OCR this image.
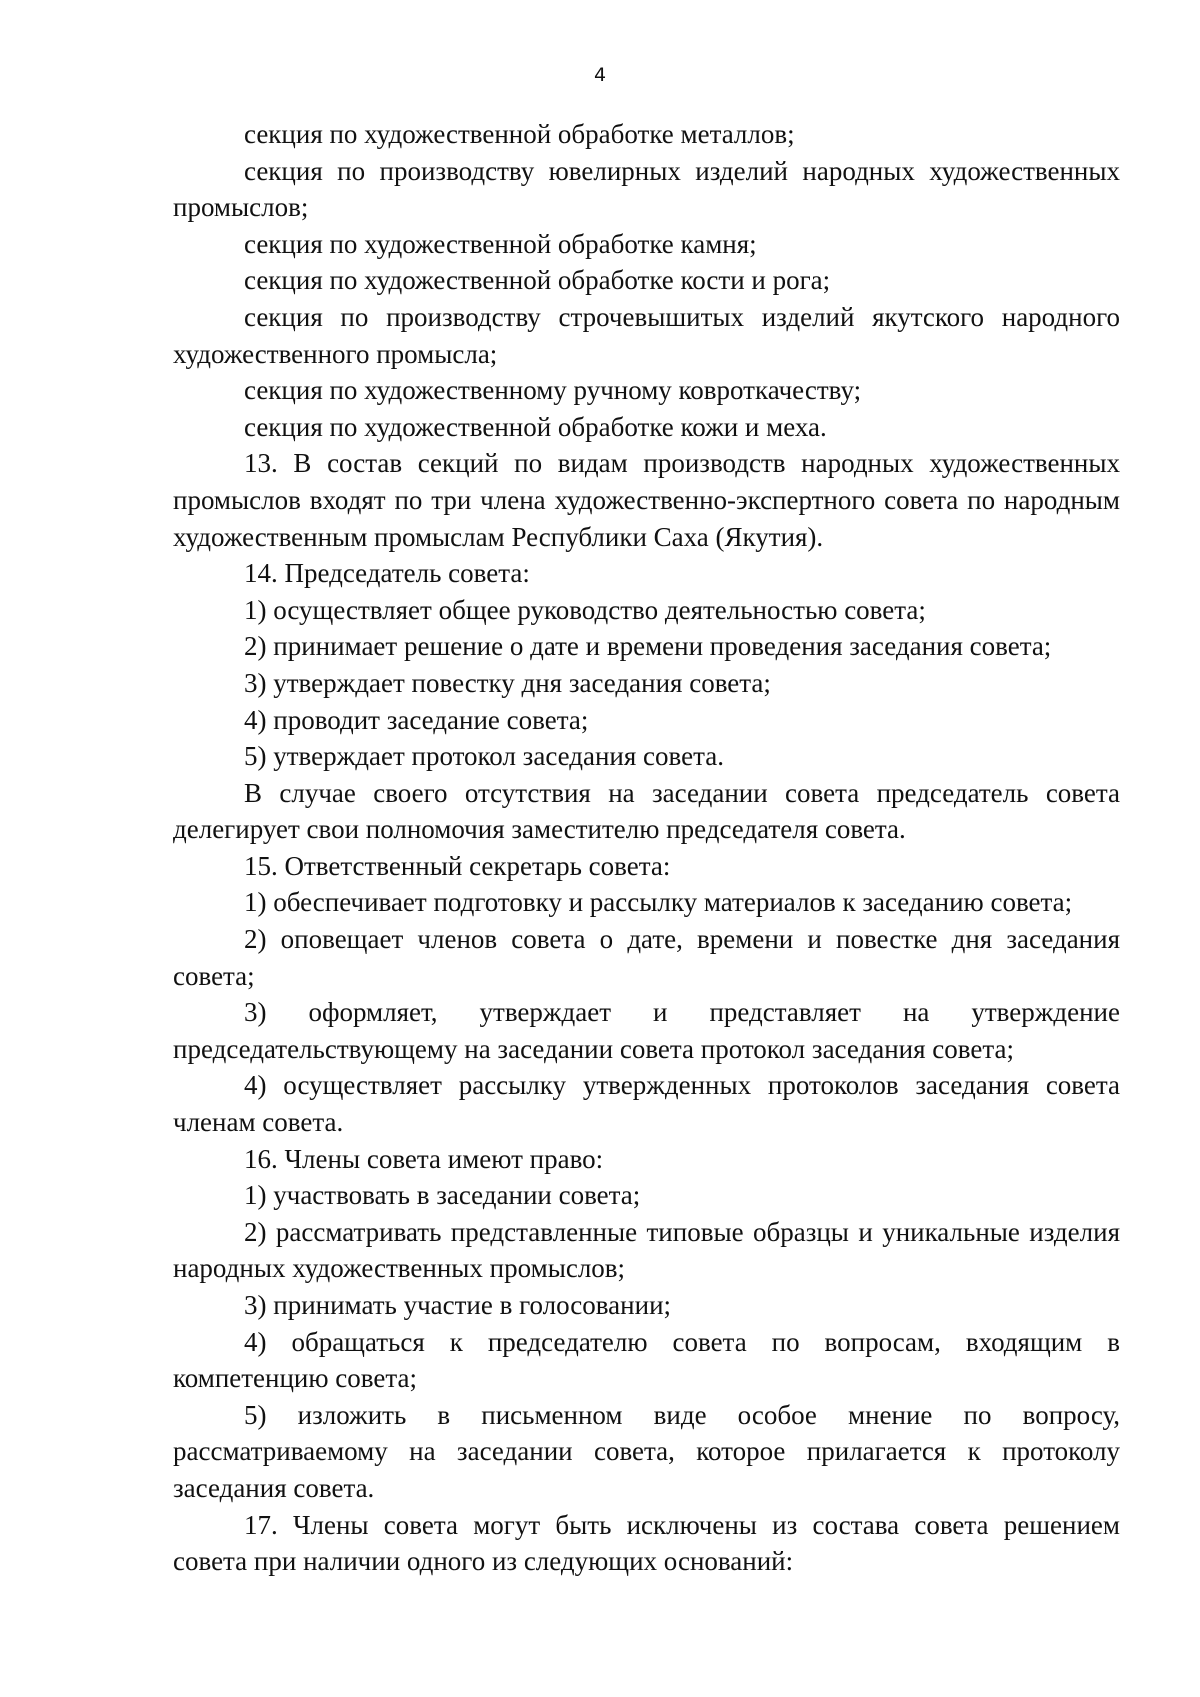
4

секция по художественной обработке металлов;

секция по производству ювелирных изделий народных художественных промыслов;

секция по художественной обработке камня;

секция по художественной обработке кости и рога;

секция по производству строчевышитых изделий якутского народного художественного промысла;

секция по художественному ручному ковроткачеству;

секция по художественной обработке кожи и меха.

13. В состав секций по видам производств народных художественных промыслов входят по три члена художественно-экспертного совета по народным художественным промыслам Республики Саха (Якутия).

14. Председатель совета:

1) осуществляет общее руководство деятельностью совета;

2) принимает решение о дате и времени проведения заседания совета;

3) утверждает повестку дня заседания совета;

4) проводит заседание совета;

5) утверждает протокол заседания совета.

В случае своего отсутствия на заседании совета председатель совета делегирует свои полномочия заместителю председателя совета.

15. Ответственный секретарь совета:

1) обеспечивает подготовку и рассылку материалов к заседанию совета;

2) оповещает членов совета о дате, времени и повестке дня заседания совета;

3) оформляет, утверждает и представляет на утверждение председательствующему на заседании совета протокол заседания совета;

4) осуществляет рассылку утвержденных протоколов заседания совета членам совета.

16. Члены совета имеют право:

1) участвовать в заседании совета;

2) рассматривать представленные типовые образцы и уникальные изделия народных художественных промыслов;

3) принимать участие в голосовании;

4) обращаться к председателю совета по вопросам, входящим в компетенцию совета;

5) изложить в письменном виде особое мнение по вопросу, рассматриваемому на заседании совета, которое прилагается к протоколу заседания совета.

17. Члены совета могут быть исключены из состава совета решением совета при наличии одного из следующих оснований:
